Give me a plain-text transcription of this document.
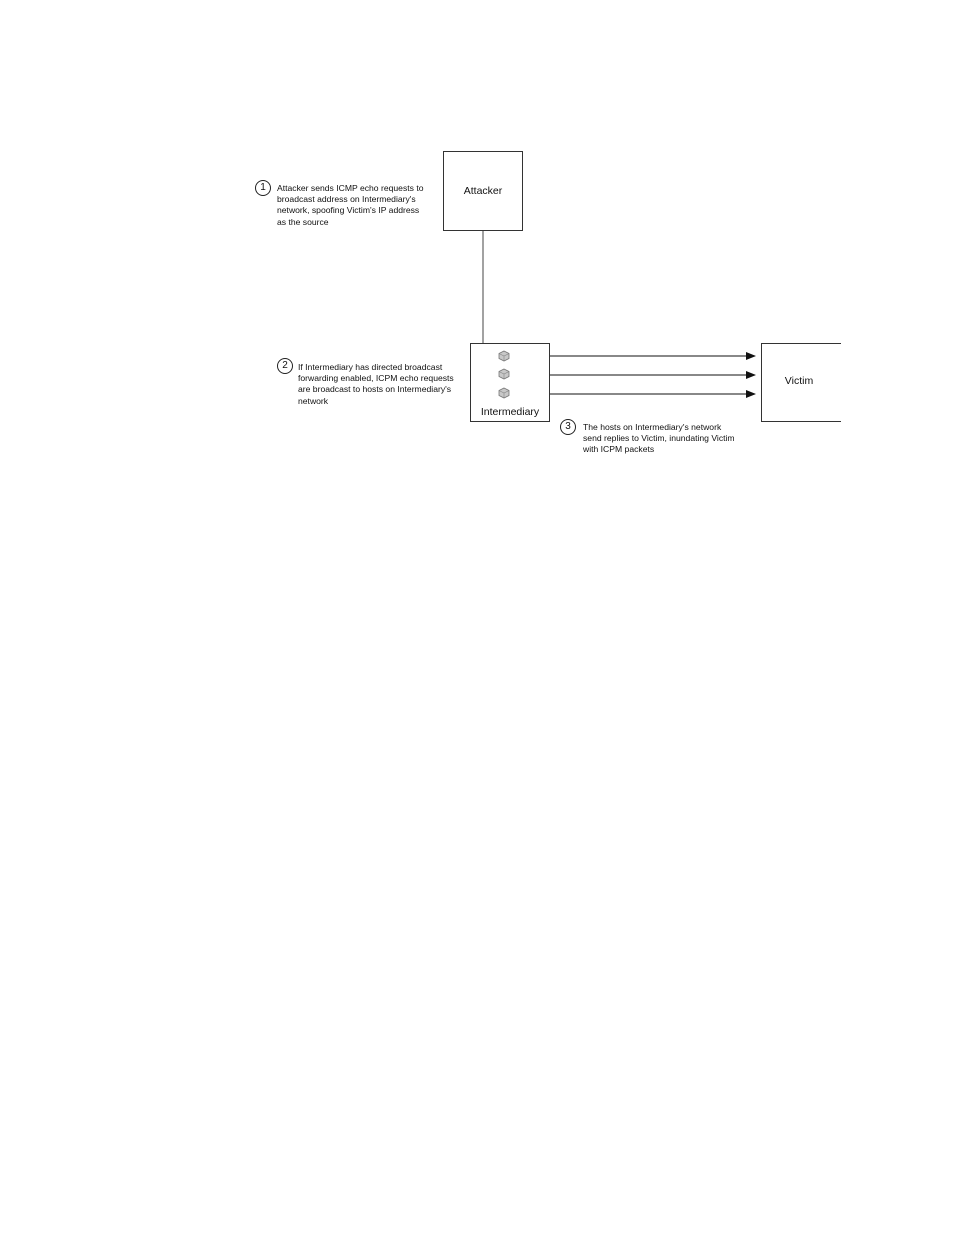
Attacker
Intermediary
Victim
1	Attacker sends ICMP echo requests to
broadcast address on Intermediary's
network, spoofing Victim's IP address
as the source
2	If Intermediary has directed broadcast
forwarding enabled, ICPM echo requests
are broadcast to hosts on Intermediary's
network
3	The hosts on Intermediary's network
send replies to Victim, inundating Victim
with ICPM packets
